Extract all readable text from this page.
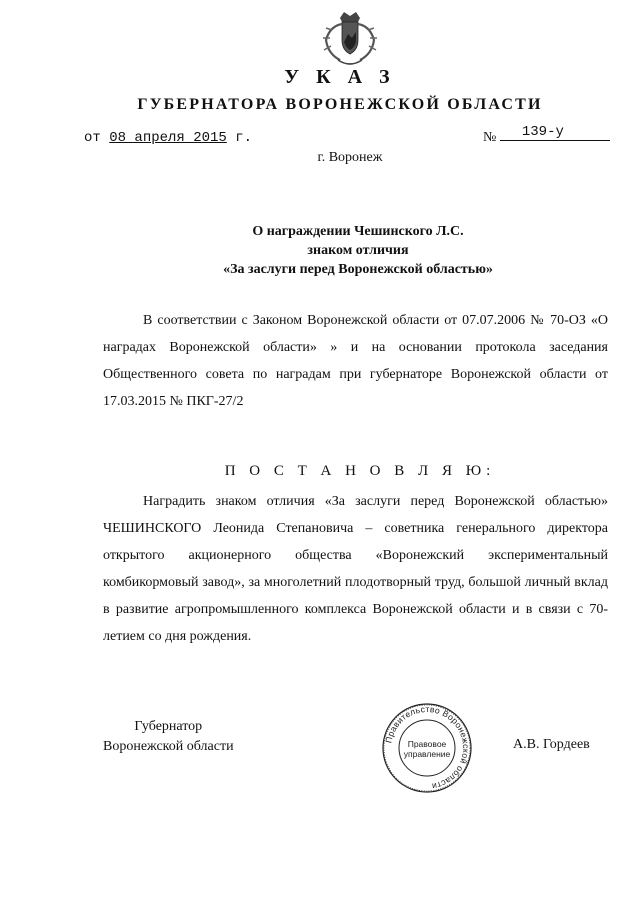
У К А З
ГУБЕРНАТОРА ВОРОНЕЖСКОЙ ОБЛАСТИ
от 08 апреля 2015 г.	№ 139-у
г. Воронеж
О награждении Чешинского Л.С.
знаком отличия
«За заслуги перед Воронежской областью»

В соответствии с Законом Воронежской области от 07.07.2006 № 70-ОЗ «О наградах Воронежской области» » и на основании протокола заседания Общественного совета по наградам при губернаторе Воронежской области от 17.03.2015 № ПКГ-27/2

П О С Т А Н О В Л Я Ю:

Наградить знаком отличия «За заслуги перед Воронежской областью» ЧЕШИНСКОГО Леонида Степановича – советника генерального директора открытого акционерного общества «Воронежский экспериментальный комбикормовый завод», за многолетний плодотворный труд, большой личный вклад в развитие агропромышленного комплекса Воронежской области и в связи с 70-летием со дня рождения.

Губернатор
Воронежской области	Правительство Воронежской области
Правовое
управление
А.В. Гордеев
